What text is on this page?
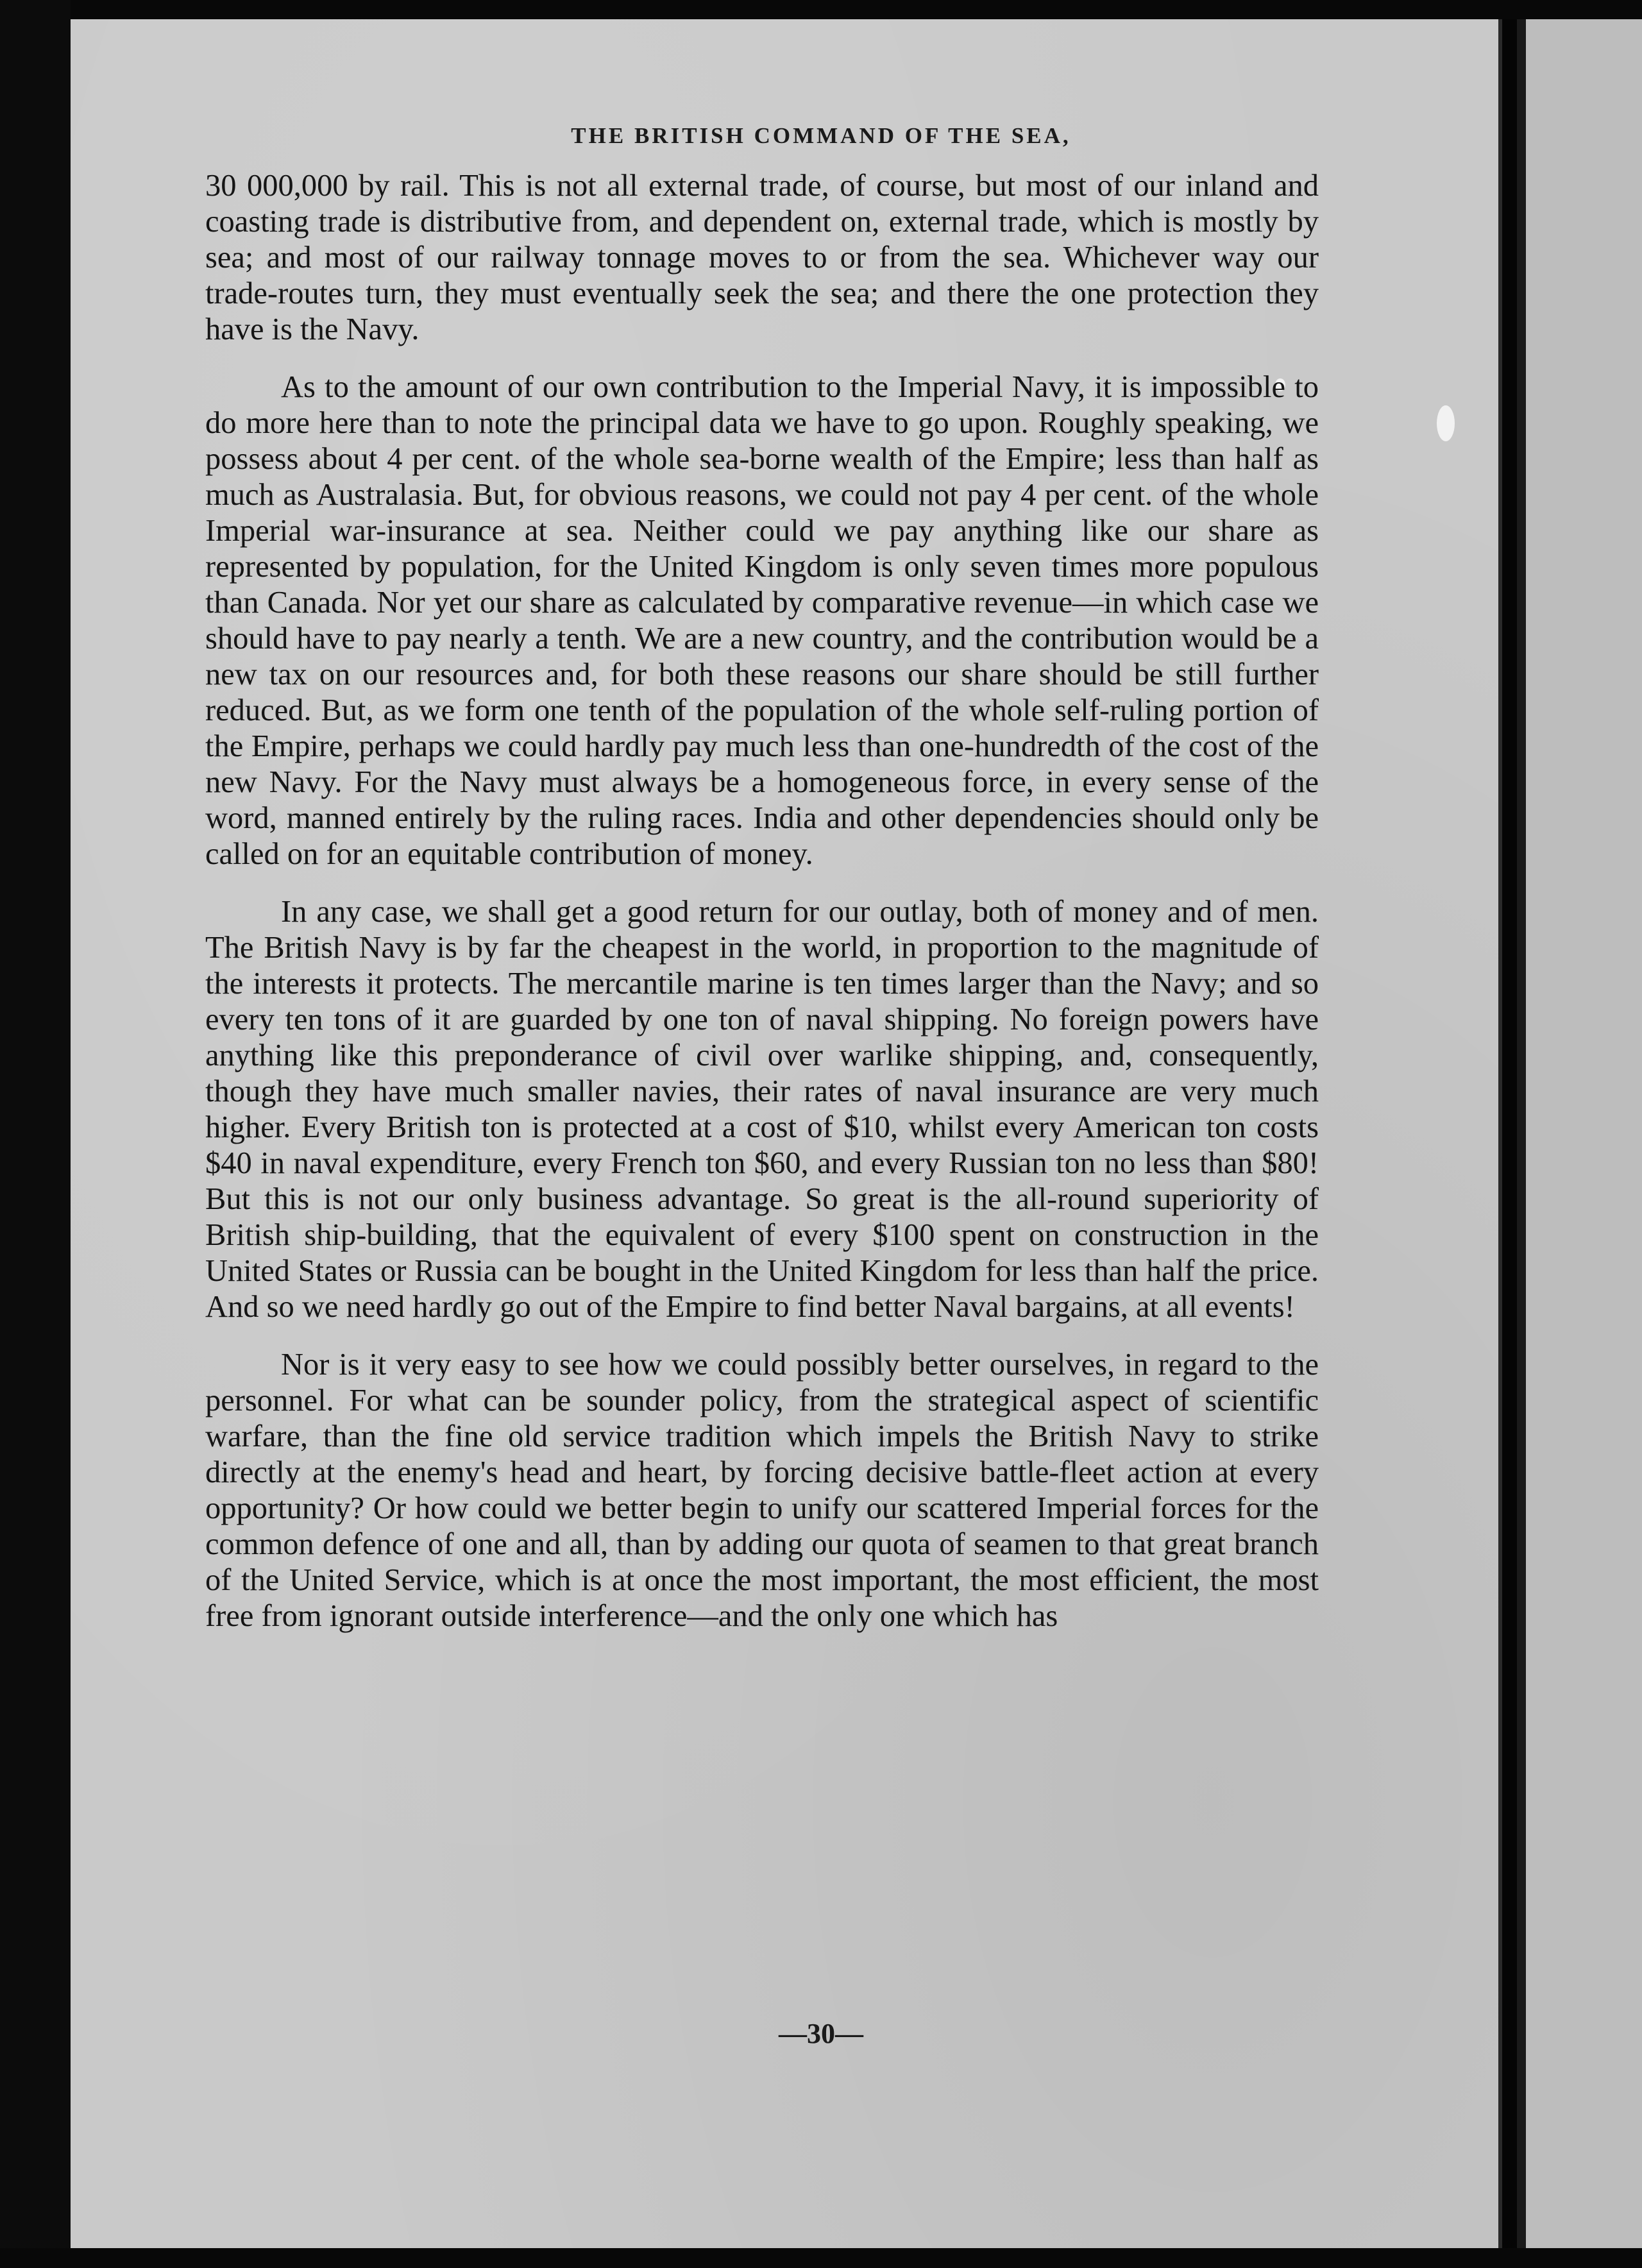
THE BRITISH COMMAND OF THE SEA,

30 000,000 by rail. This is not all external trade, of course, but most of our inland and coasting trade is distributive from, and dependent on, external trade, which is mostly by sea; and most of our railway tonnage moves to or from the sea. Whichever way our trade-routes turn, they must eventually seek the sea; and there the one protection they have is the Navy.

As to the amount of our own contribution to the Imperial Navy, it is impossible to do more here than to note the principal data we have to go upon. Roughly speaking, we possess about 4 per cent. of the whole sea-borne wealth of the Empire; less than half as much as Australasia. But, for obvious reasons, we could not pay 4 per cent. of the whole Imperial war-insurance at sea. Neither could we pay anything like our share as represented by population, for the United Kingdom is only seven times more populous than Canada. Nor yet our share as calculated by comparative revenue—in which case we should have to pay nearly a tenth. We are a new country, and the contribution would be a new tax on our resources and, for both these reasons our share should be still further reduced. But, as we form one tenth of the population of the whole self-ruling portion of the Empire, perhaps we could hardly pay much less than one-hundredth of the cost of the new Navy. For the Navy must always be a homogeneous force, in every sense of the word, manned entirely by the ruling races. India and other dependencies should only be called on for an equitable contribution of money.

In any case, we shall get a good return for our outlay, both of money and of men. The British Navy is by far the cheapest in the world, in proportion to the magnitude of the interests it protects. The mercantile marine is ten times larger than the Navy; and so every ten tons of it are guarded by one ton of naval shipping. No foreign powers have anything like this preponderance of civil over warlike shipping, and, consequently, though they have much smaller navies, their rates of naval insurance are very much higher. Every British ton is protected at a cost of $10, whilst every American ton costs $40 in naval expenditure, every French ton $60, and every Russian ton no less than $80! But this is not our only business advantage. So great is the all-round superiority of British ship-building, that the equivalent of every $100 spent on construction in the United States or Russia can be bought in the United Kingdom for less than half the price. And so we need hardly go out of the Empire to find better Naval bargains, at all events!

Nor is it very easy to see how we could possibly better ourselves, in regard to the personnel. For what can be sounder policy, from the strategical aspect of scientific warfare, than the fine old service tradition which impels the British Navy to strike directly at the enemy's head and heart, by forcing decisive battle-fleet action at every opportunity? Or how could we better begin to unify our scattered Imperial forces for the common defence of one and all, than by adding our quota of seamen to that great branch of the United Service, which is at once the most important, the most efficient, the most free from ignorant outside interference—and the only one which has

—30—
